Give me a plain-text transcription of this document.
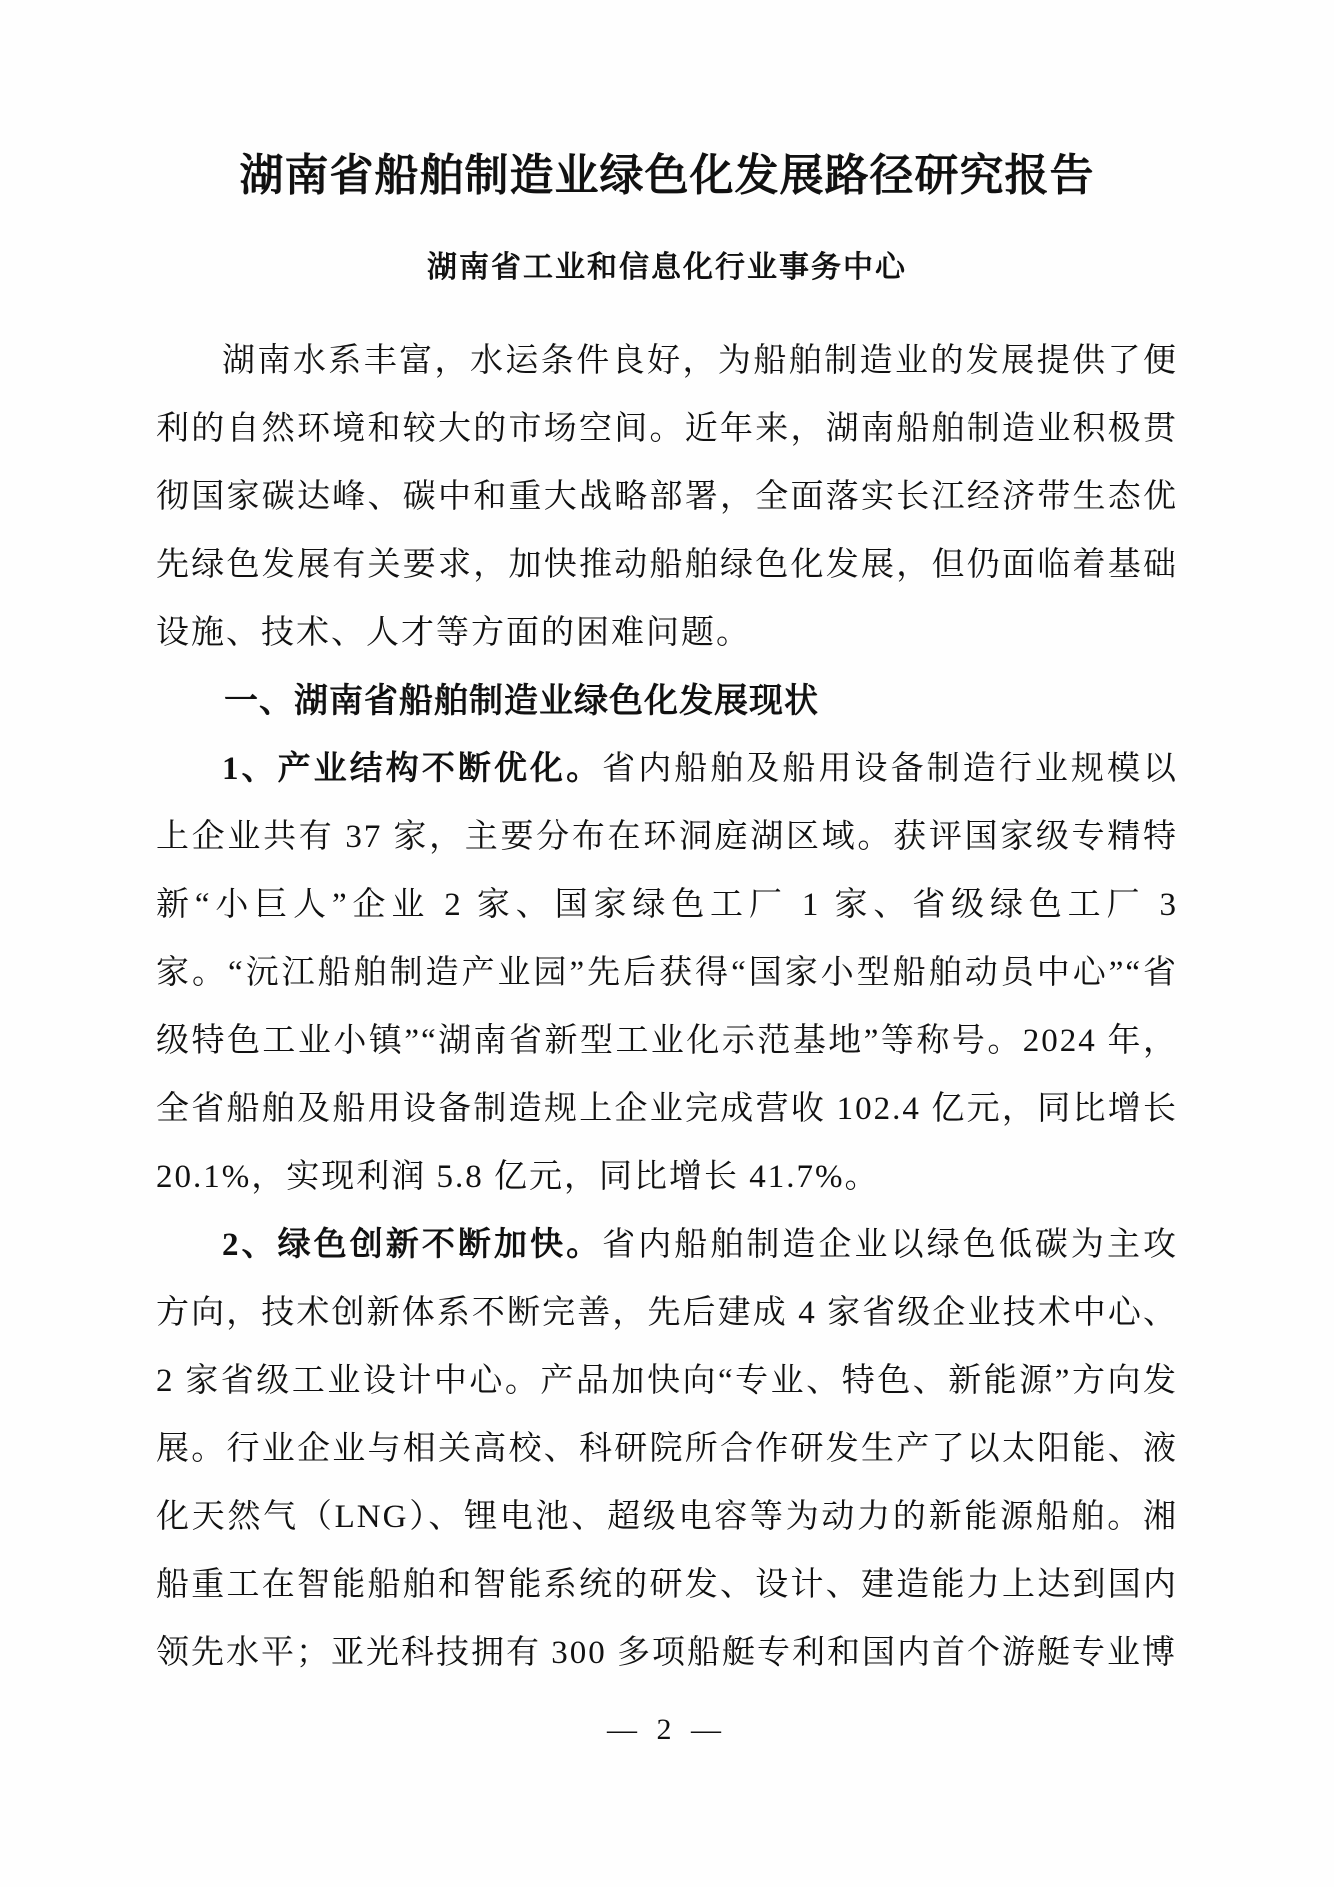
湖南省船舶制造业绿色化发展路径研究报告
湖南省工业和信息化行业事务中心

湖南水系丰富，水运条件良好，为船舶制造业的发展提供了便利的自然环境和较大的市场空间。近年来，湖南船舶制造业积极贯彻国家碳达峰、碳中和重大战略部署，全面落实长江经济带生态优先绿色发展有关要求，加快推动船舶绿色化发展，但仍面临着基础设施、技术、人才等方面的困难问题。

一、湖南省船舶制造业绿色化发展现状

1、产业结构不断优化。省内船舶及船用设备制造行业规模以上企业共有 37 家，主要分布在环洞庭湖区域。获评国家级专精特新“小巨人”企业 2 家、国家绿色工厂 1 家、省级绿色工厂 3 家。“沅江船舶制造产业园”先后获得“国家小型船舶动员中心”“省级特色工业小镇”“湖南省新型工业化示范基地”等称号。2024 年，全省船舶及船用设备制造规上企业完成营收 102.4 亿元，同比增长 20.1%，实现利润 5.8 亿元，同比增长 41.7%。

2、绿色创新不断加快。省内船舶制造企业以绿色低碳为主攻方向，技术创新体系不断完善，先后建成 4 家省级企业技术中心、2 家省级工业设计中心。产品加快向“专业、特色、新能源”方向发展。行业企业与相关高校、科研院所合作研发生产了以太阳能、液化天然气（LNG）、锂电池、超级电容等为动力的新能源船舶。湘船重工在智能船舶和智能系统的研发、设计、建造能力上达到国内领先水平；亚光科技拥有 300 多项船艇专利和国内首个游艇专业博

— 2 —
